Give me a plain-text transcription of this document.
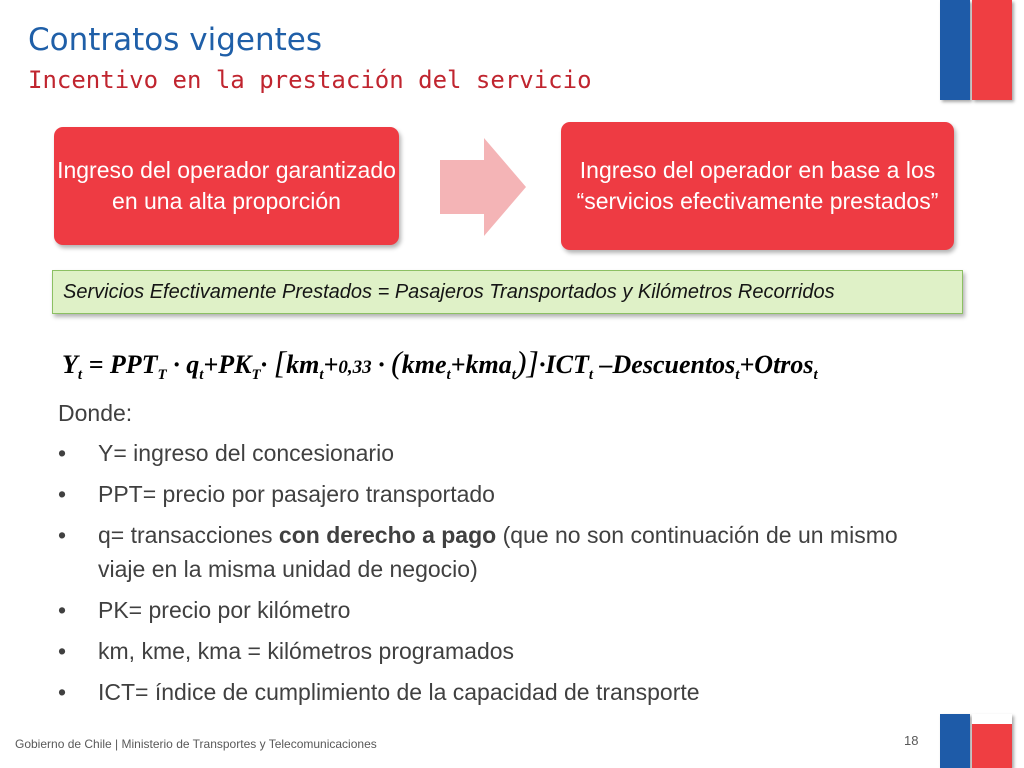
Contratos vigentes
Incentivo en la prestación del servicio
Ingreso del operador garantizado en una alta proporción
Ingreso del operador en base a los “servicios efectivamente prestados”
Servicios Efectivamente Prestados = Pasajeros Transportados y Kilómetros Recorridos
$Y_t = PPT_T \cdot q_t+PK_T\cdot [km_t+0,33 \cdot (kme_t+kma_t)]\cdot ICT_t$ –Descuentos$_t$+Otros$_t$
Donde:
• Y= ingreso del concesionario
• PPT= precio por pasajero transportado
• q= transacciones con derecho a pago (que no son continuación de un mismo viaje en la misma unidad de negocio)
• PK= precio por kilómetro
• km, kme, kma = kilómetros programados
• ICT= índice de cumplimiento de la capacidad de transporte
Gobierno de Chile | Ministerio de Transportes y Telecomunicaciones	18
